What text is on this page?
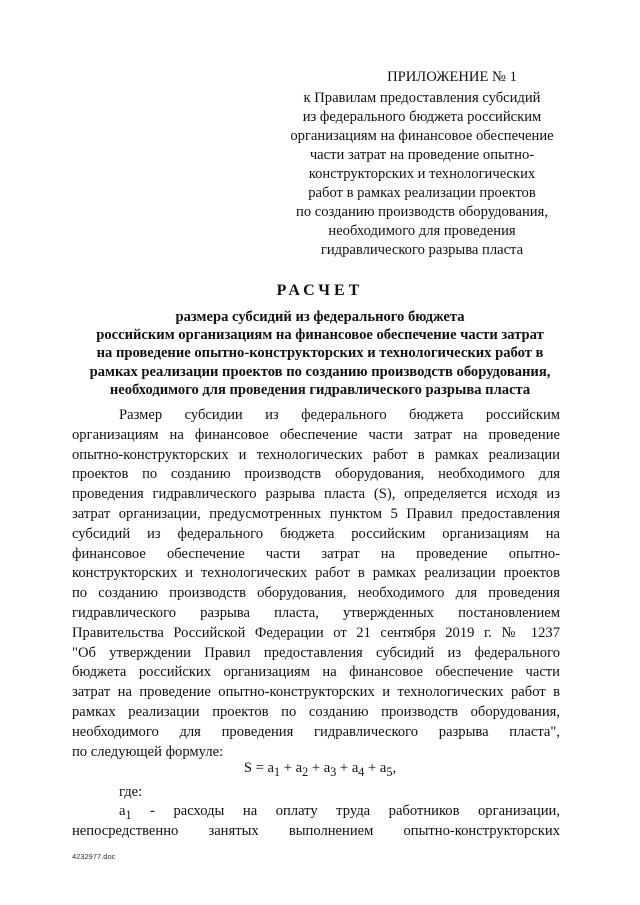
ПРИЛОЖЕНИЕ № 1
к Правилам предоставления субсидий
из федерального бюджета российским
организациям на финансовое обеспечение
части затрат на проведение опытно-
конструкторских и технологических
работ в рамках реализации проектов
по созданию производств оборудования,
необходимого для проведения
гидравлического разрыва пласта
РАСЧЕТ
размера субсидий из федерального бюджета
российским организациям на финансовое обеспечение части затрат
на проведение опытно-конструкторских и технологических работ в
рамках реализации проектов по созданию производств оборудования,
необходимого для проведения гидравлического разрыва пласта
Размер субсидии из федерального бюджета российским
организациям на финансовое обеспечение части затрат на проведение
опытно-конструкторских и технологических работ в рамках реализации
проектов по созданию производств оборудования, необходимого для
проведения гидравлического разрыва пласта (S), определяется исходя из
затрат организации, предусмотренных пунктом 5 Правил предоставления
субсидий из федерального бюджета российским организациям на
финансовое обеспечение части затрат на проведение опытно-
конструкторских и технологических работ в рамках реализации проектов
по созданию производств оборудования, необходимого для проведения
гидравлического разрыва пласта, утвержденных постановлением
Правительства Российской Федерации от 21 сентября 2019 г. № 1237
"Об утверждении Правил предоставления субсидий из федерального
бюджета российских организациям на финансовое обеспечение части
затрат на проведение опытно-конструкторских и технологических работ в
рамках реализации проектов по созданию производств оборудования,
необходимого для проведения гидравлического разрыва пласта",
по следующей формуле:
$S = a_1 + a_2 + a_3 + a_4 + a_5$,
где:
$a_1$ - расходы на оплату труда работников организации,
непосредственно занятых выполнением опытно-конструкторских
4232977.doc
